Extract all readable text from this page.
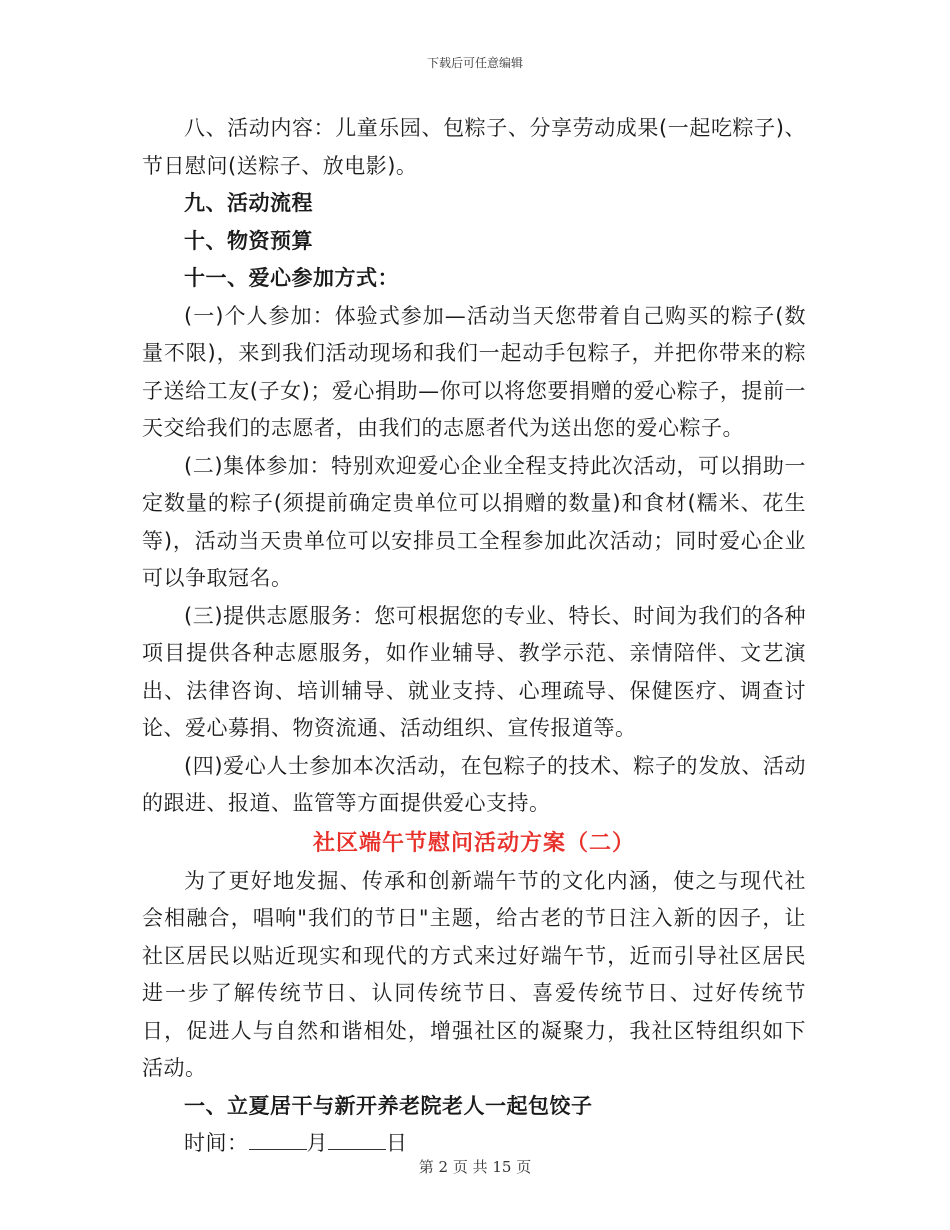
下载后可任意编辑

八、活动内容：儿童乐园、包粽子、分享劳动成果(一起吃粽子)、节日慰问(送粽子、放电影)。

九、活动流程

十、物资预算

十一、爱心参加方式：

(一)个人参加：体验式参加—活动当天您带着自己购买的粽子(数量不限)，来到我们活动现场和我们一起动手包粽子，并把你带来的粽子送给工友(子女)；爱心捐助—你可以将您要捐赠的爱心粽子，提前一天交给我们的志愿者，由我们的志愿者代为送出您的爱心粽子。

(二)集体参加：特别欢迎爱心企业全程支持此次活动，可以捐助一定数量的粽子(须提前确定贵单位可以捐赠的数量)和食材(糯米、花生等)，活动当天贵单位可以安排员工全程参加此次活动；同时爱心企业可以争取冠名。

(三)提供志愿服务：您可根据您的专业、特长、时间为我们的各种项目提供各种志愿服务，如作业辅导、教学示范、亲情陪伴、文艺演出、法律咨询、培训辅导、就业支持、心理疏导、保健医疗、调查讨论、爱心募捐、物资流通、活动组织、宣传报道等。

(四)爱心人士参加本次活动，在包粽子的技术、粽子的发放、活动的跟进、报道、监管等方面提供爱心支持。

社区端午节慰问活动方案（二）

为了更好地发掘、传承和创新端午节的文化内涵，使之与现代社会相融合，唱响"我们的节日"主题，给古老的节日注入新的因子，让社区居民以贴近现实和现代的方式来过好端午节，近而引导社区居民进一步了解传统节日、认同传统节日、喜爱传统节日、过好传统节日，促进人与自然和谐相处，增强社区的凝聚力，我社区特组织如下活动。

一、立夏居干与新开养老院老人一起包饺子

时间：	月	日

第 2 页 共 15 页
